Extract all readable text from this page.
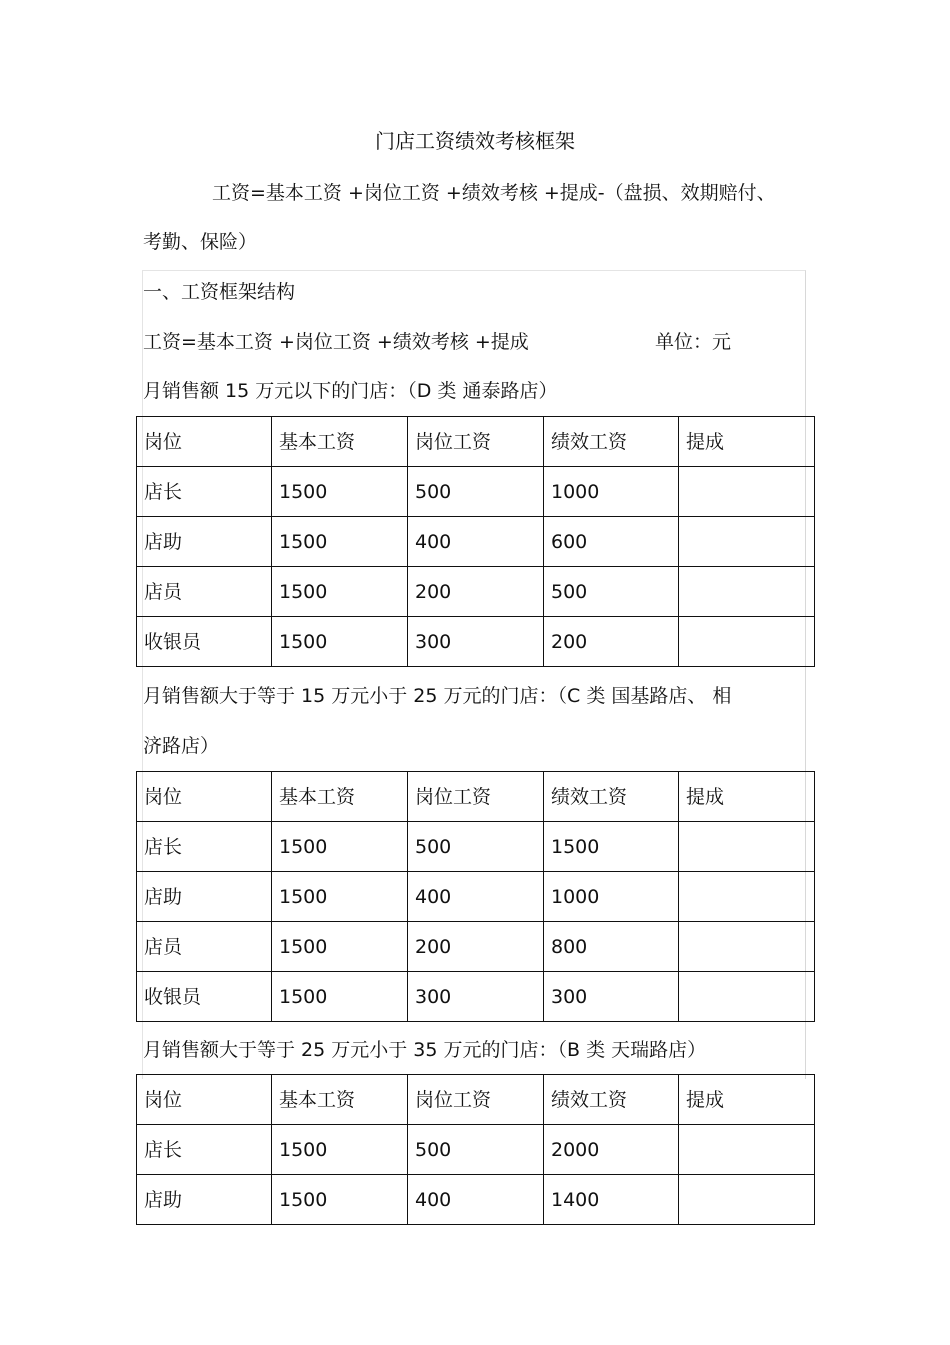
门店工资绩效考核框架

工资=基本工资 +岗位工资 +绩效考核 +提成-（盘损、效期赔付、

考勤、保险）

一、工资框架结构

工资=基本工资 +岗位工资 +绩效考核 +提成	单位：元

月销售额 15 万元以下的门店：（D 类 通泰路店）

岗位	基本工资	岗位工资	绩效工资	提成
店长	1500	500	1000	
店助	1500	400	600	
店员	1500	200	500	
收银员	1500	300	200	

月销售额大于等于 15 万元小于 25 万元的门店：（C 类 国基路店、 相

济路店）

岗位	基本工资	岗位工资	绩效工资	提成
店长	1500	500	1500	
店助	1500	400	1000	
店员	1500	200	800	
收银员	1500	300	300	

月销售额大于等于 25 万元小于 35 万元的门店：（B 类 天瑞路店）

岗位	基本工资	岗位工资	绩效工资	提成
店长	1500	500	2000	
店助	1500	400	1400	
